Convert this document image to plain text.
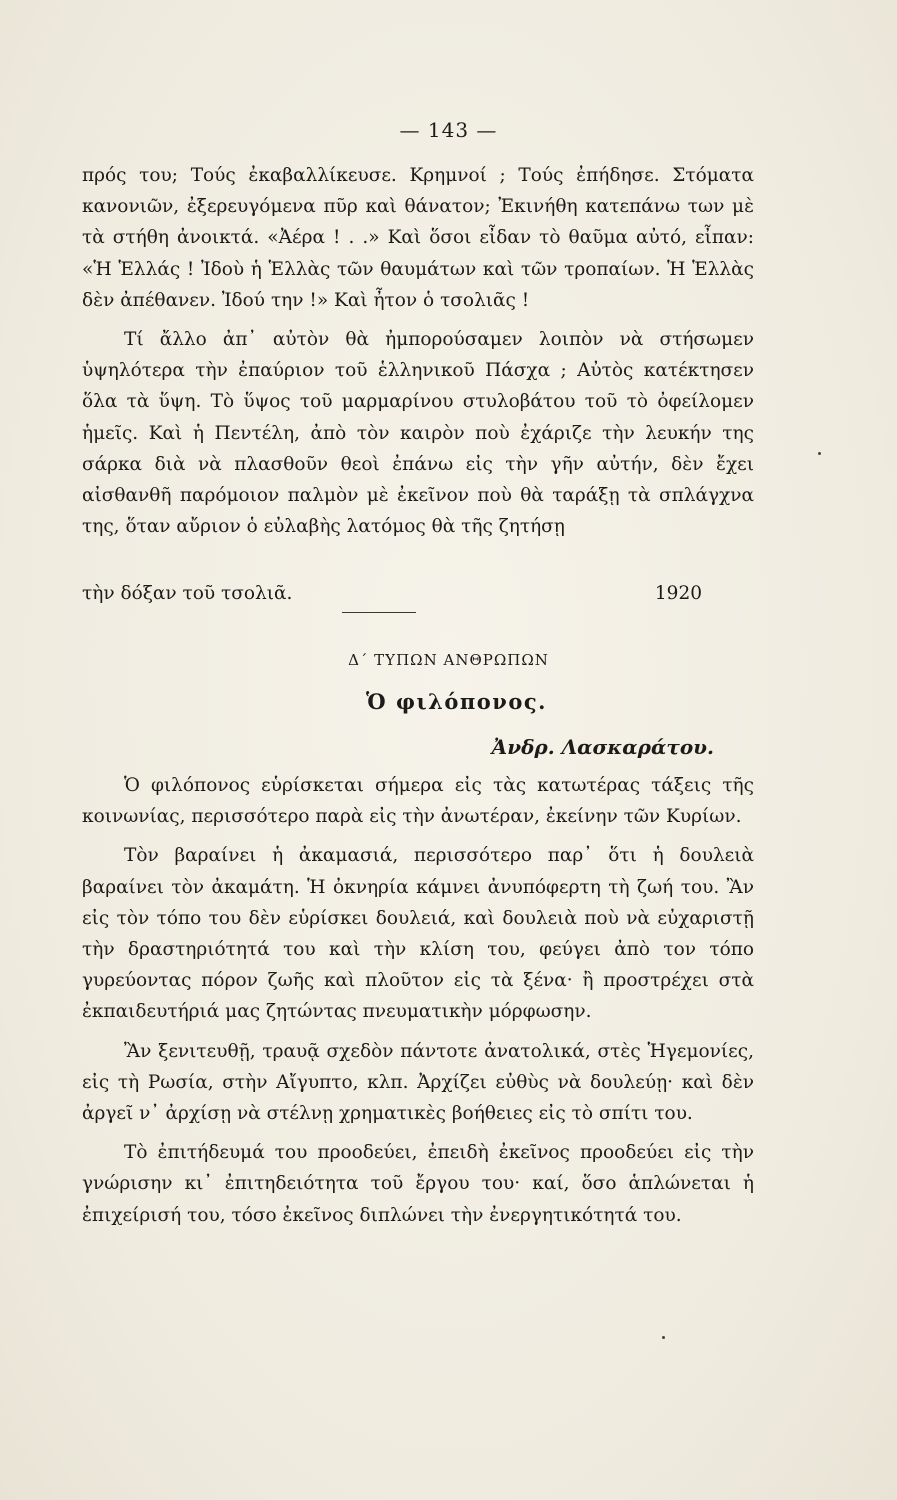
— 143 —

πρός του; Τούς ἐκαβαλλίκευσε. Κρημνοί ; Τούς ἐπήδησε. Στόματα κανονιῶν, ἐξερευγόμενα πῦρ καὶ θάνατον; Ἐκινήθη κατεπάνω των μὲ τὰ στήθη ἀνοικτά. «Ἀέρα ! . .» Καὶ ὅσοι εἶδαν τὸ θαῦμα αὐτό, εἶπαν: «Ἡ Ἑλλάς ! Ἰδοὺ ἡ Ἑλλὰς τῶν θαυμάτων καὶ τῶν τροπαίων. Ἡ Ἑλλὰς δὲν ἀπέθανεν. Ἰδού την !» Καὶ ἦτον ὁ τσολιᾶς !

Τί ἄλλο ἀπ᾽ αὐτὸν θὰ ἠμπορούσαμεν λοιπὸν νὰ στήσωμεν ὑψηλότερα τὴν ἐπαύριον τοῦ ἑλληνικοῦ Πάσχα ; Αὐτὸς κατέκτησεν ὅλα τὰ ὕψη. Τὸ ὕψος τοῦ μαρμαρίνου στυλοβάτου τοῦ τὸ ὀφείλομεν ἡμεῖς. Καὶ ἡ Πεντέλη, ἀπὸ τὸν καιρὸν ποὺ ἐχάριζε τὴν λευκήν της σάρκα διὰ νὰ πλασθοῦν θεοὶ ἐπάνω εἰς τὴν γῆν αὐτήν, δὲν ἔχει αἰσθανθῆ παρόμοιον παλμὸν μὲ ἐκεῖνον ποὺ θὰ ταράξῃ τὰ σπλάγχνα της, ὅταν αὔριον ὁ εὐλαβὴς λατόμος θὰ τῆς ζητήσῃ

τὴν δόξαν τοῦ τσολιᾶ.	1920
Δ΄ ΤΥΠΩΝ ΑΝΘΡΩΠΩΝ
Ὁ φιλόπονος.
Ἀνδρ. Λασκαράτου.

Ὁ φιλόπονος εὑρίσκεται σήμερα εἰς τὰς κατωτέρας τάξεις τῆς κοινωνίας, περισσότερο παρὰ εἰς τὴν ἀνωτέραν, ἐκείνην τῶν Κυρίων.

Τὸν βαραίνει ἡ ἀκαμασιά, περισσότερο παρ᾽ ὅτι ἡ δουλειὰ βαραίνει τὸν ἀκαμάτη. Ἡ ὀκνηρία κάμνει ἀνυπόφερτη τὴ ζωή του. Ἂν εἰς τὸν τόπο του δὲν εὑρίσκει δουλειά, καὶ δουλειὰ ποὺ νὰ εὐχαριστῇ τὴν δραστηριότητά του καὶ τὴν κλίση του, φεύγει ἀπὸ τον τόπο γυρεύοντας πόρον ζωῆς καὶ πλοῦτον εἰς τὰ ξένα· ἢ προστρέχει στὰ ἐκπαιδευτήριά μας ζητώντας πνευματικὴν μόρφωσην.

Ἂν ξενιτευθῇ, τραυᾷ σχεδὸν πάντοτε ἀνατολικά, στὲς Ἡγεμονίες, εἰς τὴ Ρωσία, στὴν Αἴγυπτο, κλπ. Ἀρχίζει εὐθὺς νὰ δουλεύῃ· καὶ δὲν ἀργεῖ ν᾽ ἀρχίσῃ νὰ στέλνῃ χρηματικὲς βοήθειες εἰς τὸ σπίτι του.

Τὸ ἐπιτήδευμά του προοδεύει, ἐπειδὴ ἐκεῖνος προοδεύει εἰς τὴν γνώρισην κι᾽ ἐπιτηδειότητα τοῦ ἔργου του· καί, ὅσο ἁπλώνεται ἡ ἐπιχείρισή του, τόσο ἐκεῖνος διπλώνει τὴν ἐνεργητικότητά του.
